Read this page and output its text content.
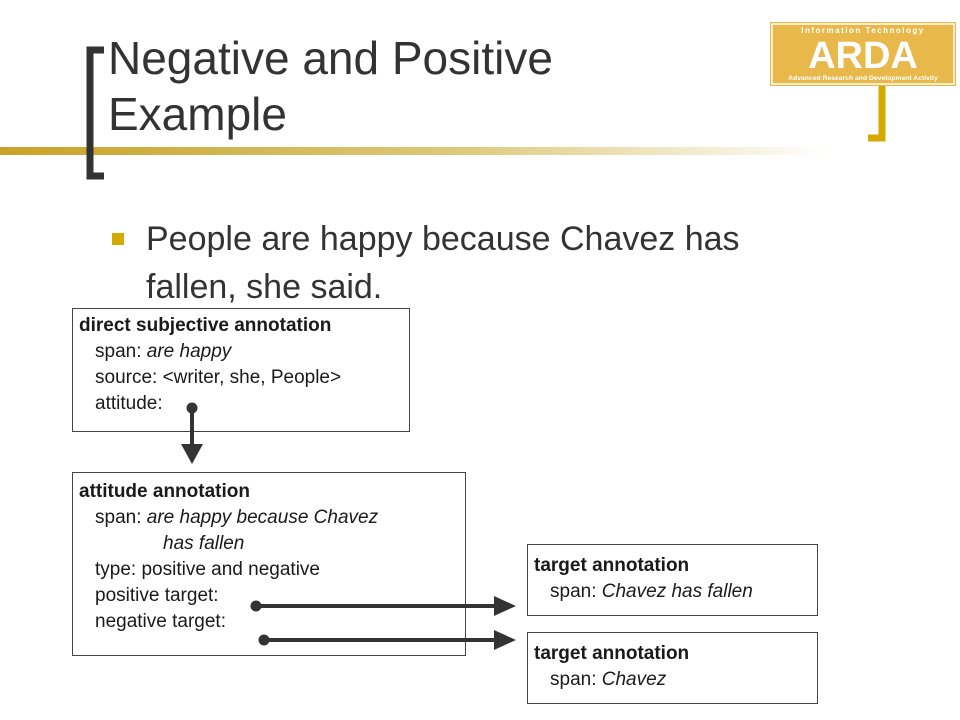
Negative and Positive
Example
Information Technology
ARDA
Advanced Research and Development Activity
People are happy because Chavez has
fallen, she said.
direct subjective annotation
span: are happy
source: <writer, she, People>
attitude:
attitude annotation
span: are happy because Chavez
has fallen
type: positive and negative
positive target:
negative target:
target annotation
span: Chavez has fallen
target annotation
span: Chavez
